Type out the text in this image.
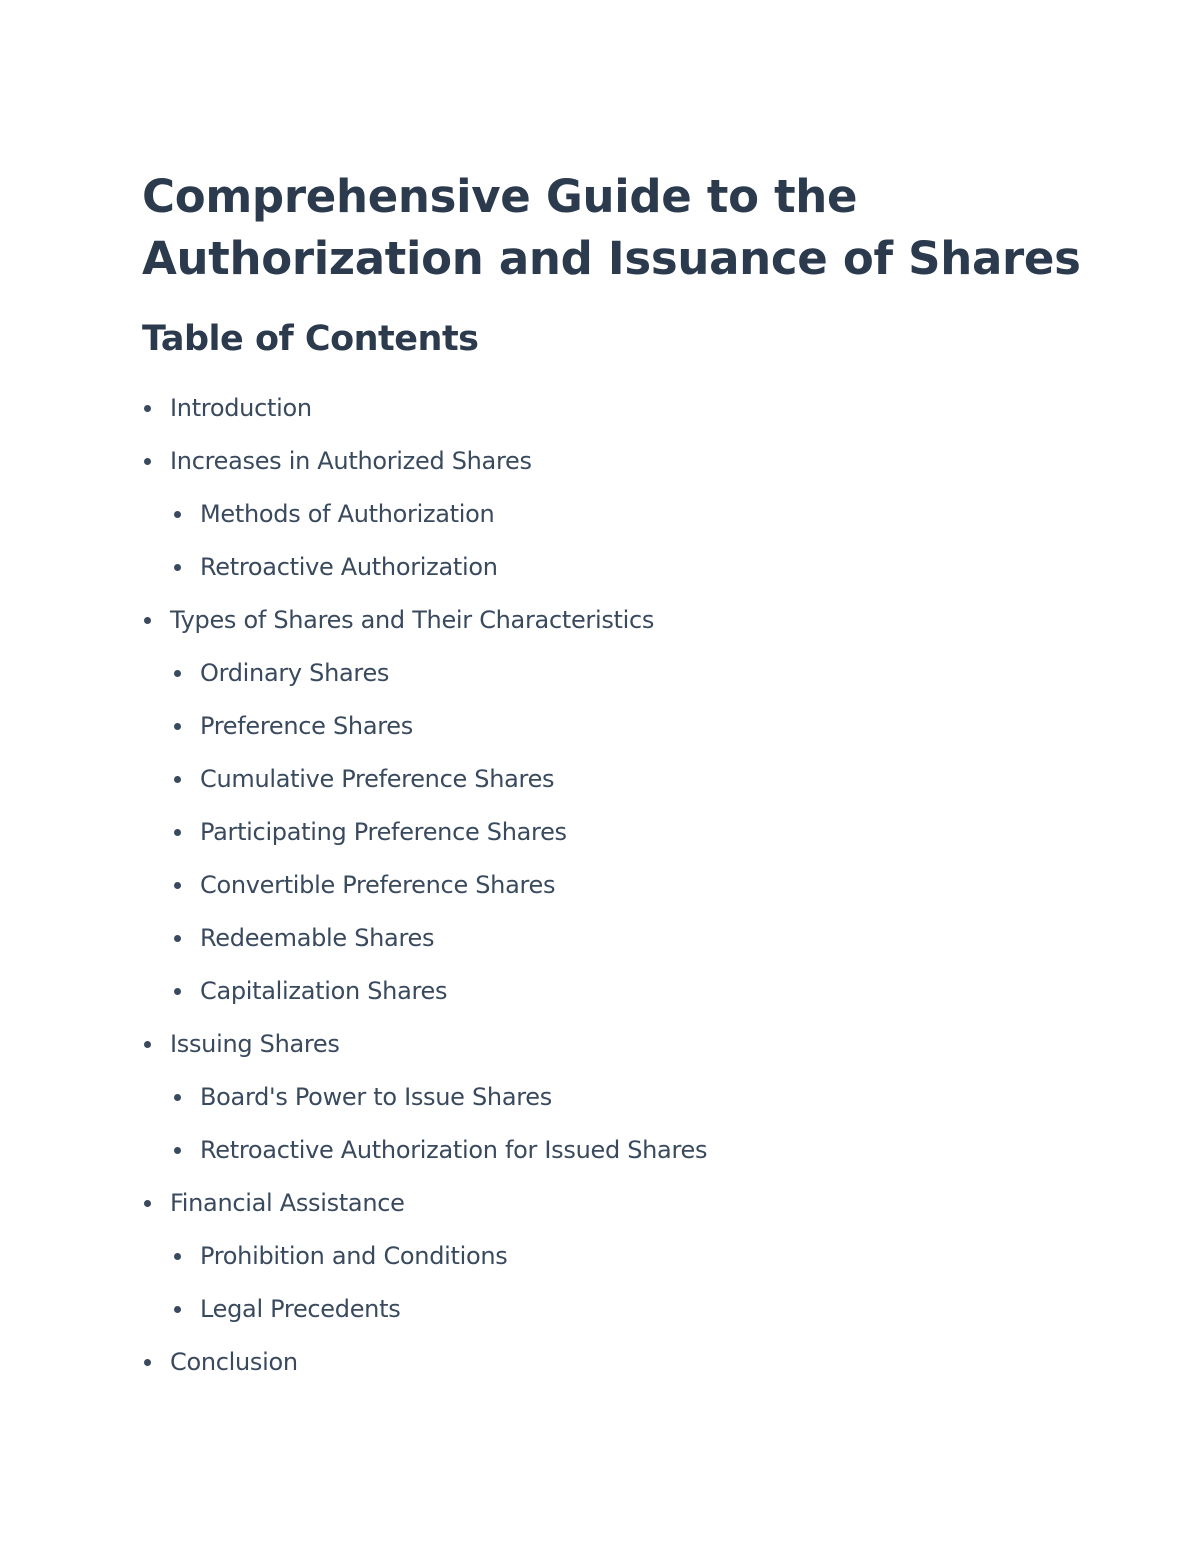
Comprehensive Guide to the Authorization and Issuance of Shares
Table of Contents
Introduction
Increases in Authorized Shares
Methods of Authorization
Retroactive Authorization
Types of Shares and Their Characteristics
Ordinary Shares
Preference Shares
Cumulative Preference Shares
Participating Preference Shares
Convertible Preference Shares
Redeemable Shares
Capitalization Shares
Issuing Shares
Board's Power to Issue Shares
Retroactive Authorization for Issued Shares
Financial Assistance
Prohibition and Conditions
Legal Precedents
Conclusion
